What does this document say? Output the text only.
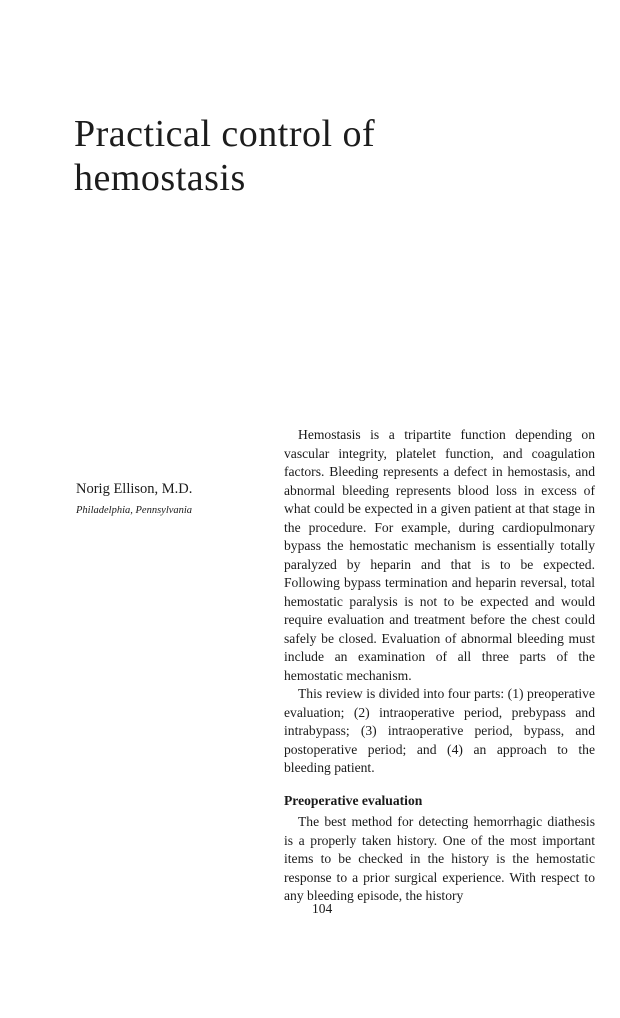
Practical control of
hemostasis

Norig Ellison, M.D.

Philadelphia, Pennsylvania

Hemostasis is a tripartite function depending on vascular integrity, platelet function, and coagulation factors. Bleeding represents a defect in hemostasis, and abnormal bleeding represents blood loss in excess of what could be expected in a given patient at that stage in the procedure. For example, during cardiopulmonary bypass the hemostatic mechanism is essentially totally paralyzed by heparin and that is to be expected. Following bypass termination and heparin reversal, total hemostatic paralysis is not to be expected and would require evaluation and treatment before the chest could safely be closed. Evaluation of abnormal bleeding must include an examination of all three parts of the hemostatic mechanism.

This review is divided into four parts: (1) preoperative evaluation; (2) intraoperative period, prebypass and intrabypass; (3) intraoperative period, bypass, and postoperative period; and (4) an approach to the bleeding patient.

Preoperative evaluation

The best method for detecting hemorrhagic diathesis is a properly taken history. One of the most important items to be checked in the history is the hemostatic response to a prior surgical experience. With respect to any bleeding episode, the history

104
